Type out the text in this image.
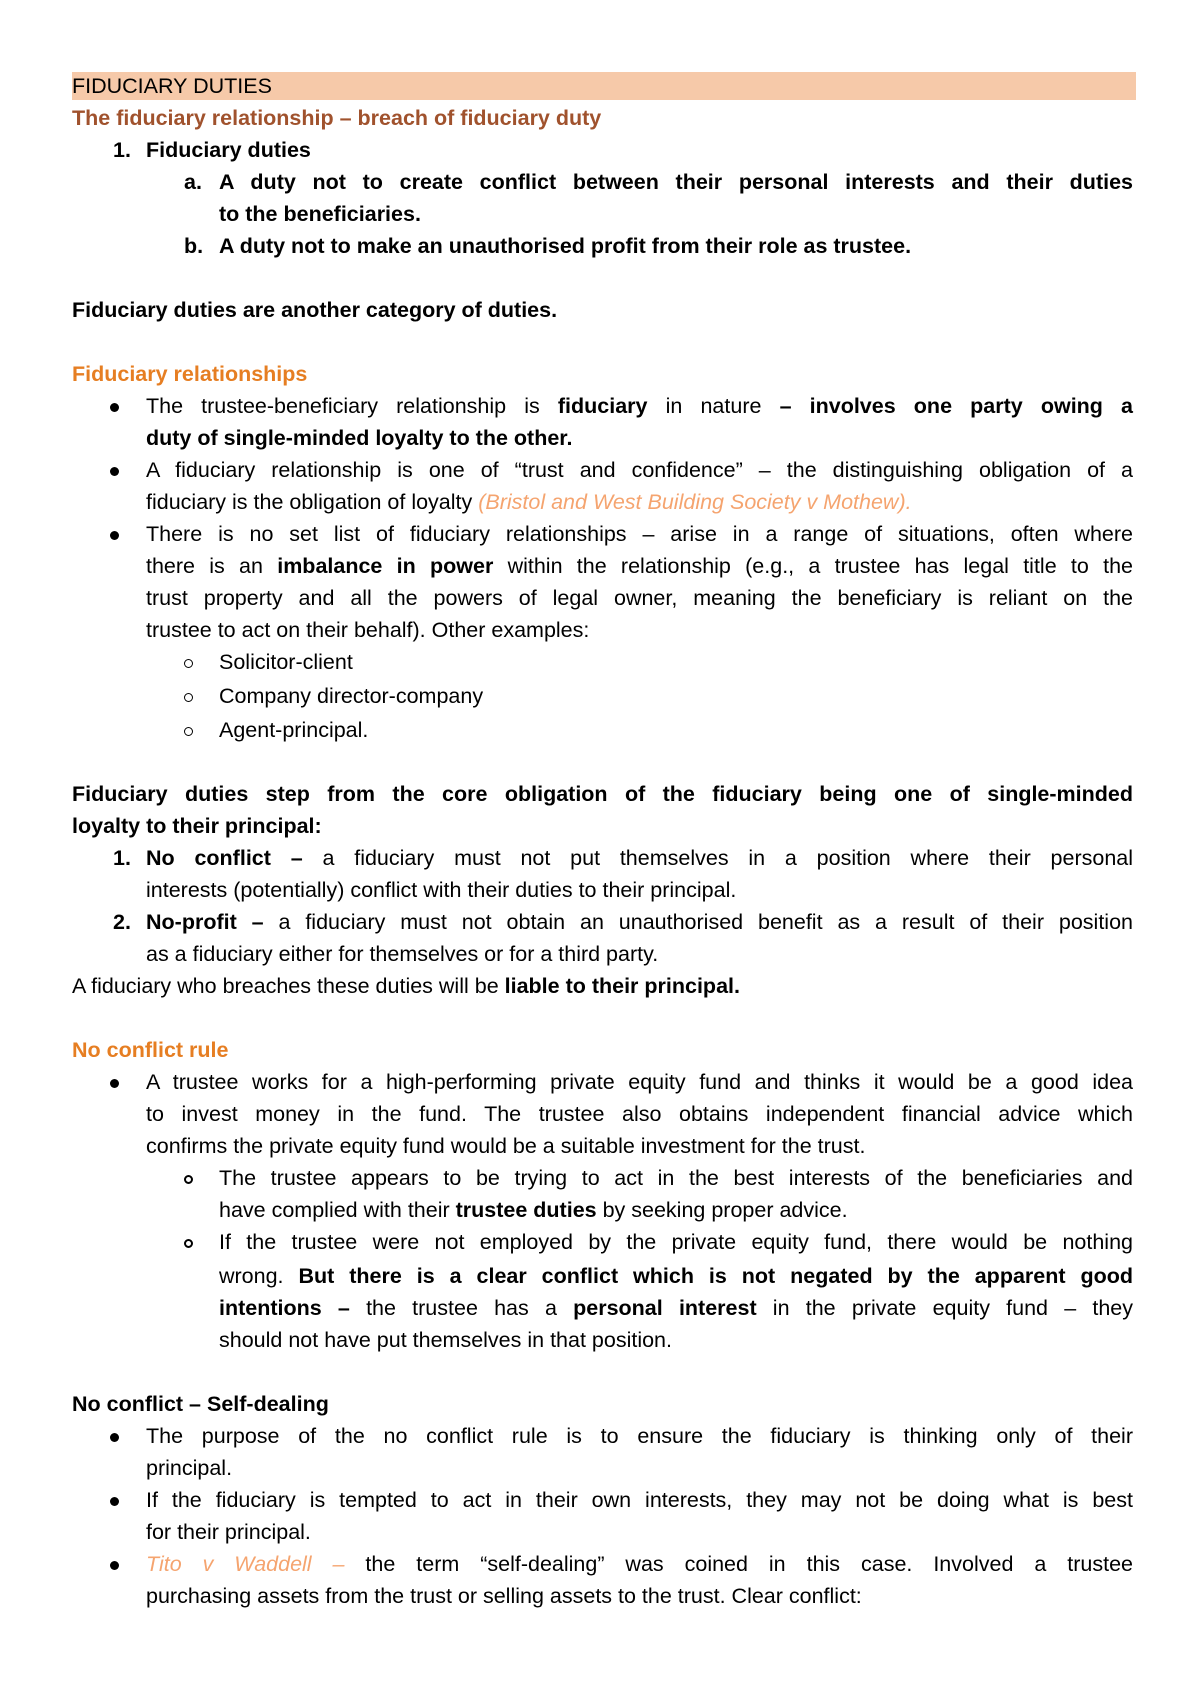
FIDUCIARY DUTIES
The fiduciary relationship – breach of fiduciary duty
1. Fiduciary duties
a. A duty not to create conflict between their personal interests and their duties
to the beneficiaries.
b. A duty not to make an unauthorised profit from their role as trustee.
Fiduciary duties are another category of duties.
Fiduciary relationships
The trustee-beneficiary relationship is fiduciary in nature – involves one party owing a
duty of single-minded loyalty to the other.
A fiduciary relationship is one of “trust and confidence” – the distinguishing obligation of a
fiduciary is the obligation of loyalty (Bristol and West Building Society v Mothew).
There is no set list of fiduciary relationships – arise in a range of situations, often where
there is an imbalance in power within the relationship (e.g., a trustee has legal title to the
trust property and all the powers of legal owner, meaning the beneficiary is reliant on the
trustee to act on their behalf). Other examples:
Solicitor-client
Company director-company
Agent-principal.
Fiduciary duties step from the core obligation of the fiduciary being one of single-minded
loyalty to their principal:
1. No conflict – a fiduciary must not put themselves in a position where their personal
interests (potentially) conflict with their duties to their principal.
2. No-profit – a fiduciary must not obtain an unauthorised benefit as a result of their position
as a fiduciary either for themselves or for a third party.
A fiduciary who breaches these duties will be liable to their principal.
No conflict rule
A trustee works for a high-performing private equity fund and thinks it would be a good idea
to invest money in the fund. The trustee also obtains independent financial advice which
confirms the private equity fund would be a suitable investment for the trust.
The trustee appears to be trying to act in the best interests of the beneficiaries and
have complied with their trustee duties by seeking proper advice.
If the trustee were not employed by the private equity fund, there would be nothing
wrong. But there is a clear conflict which is not negated by the apparent good
intentions – the trustee has a personal interest in the private equity fund – they
should not have put themselves in that position.
No conflict – Self-dealing
The purpose of the no conflict rule is to ensure the fiduciary is thinking only of their
principal.
If the fiduciary is tempted to act in their own interests, they may not be doing what is best
for their principal.
Tito v Waddell – the term “self-dealing” was coined in this case. Involved a trustee
purchasing assets from the trust or selling assets to the trust. Clear conflict:
